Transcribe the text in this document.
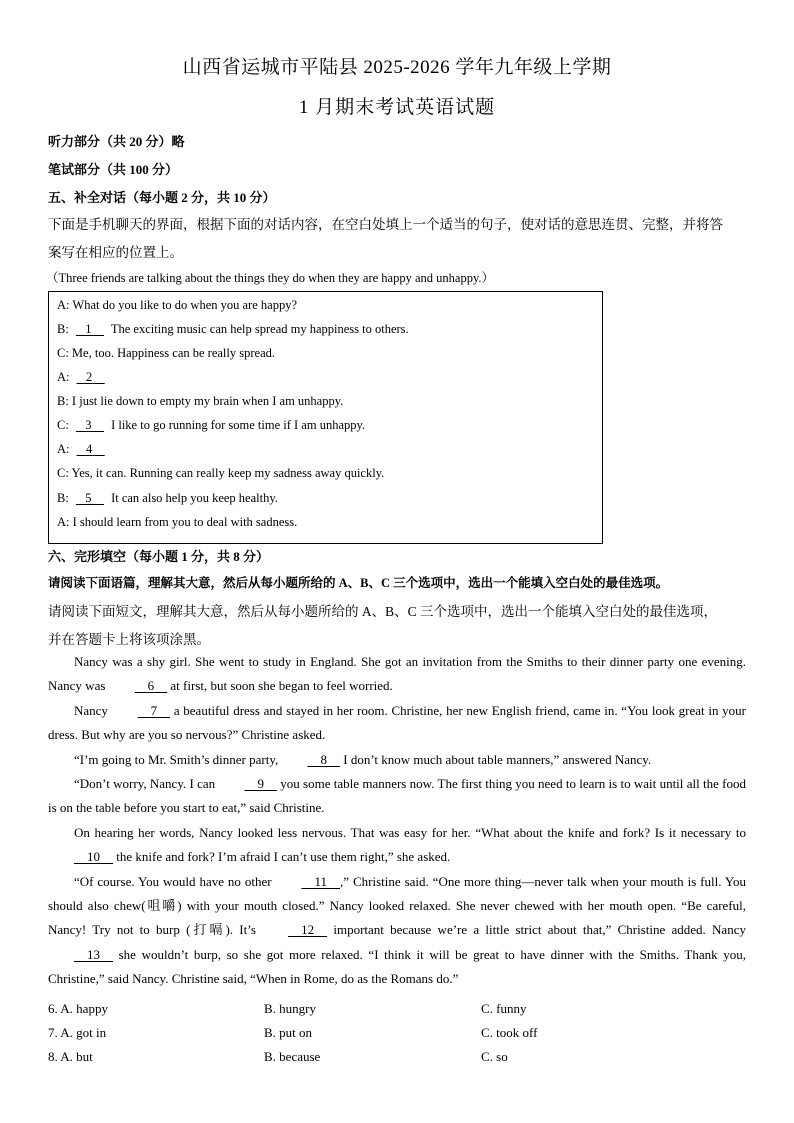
山西省运城市平陆县 2025-2026 学年九年级上学期
1 月期末考试英语试题
听力部分（共 20 分）略
笔试部分（共 100 分）
五、补全对话（每小题 2 分，共 10 分）
下面是手机聊天的界面，根据下面的对话内容，在空白处填上一个适当的句子，使对话的意思连贯、完整，并将答
案写在相应的位置上。
（Three friends are talking about the things they do when they are happy and unhappy.）
A: What do you like to do when you are happy?
B:    1     The exciting music can help spread my happiness to others.
C: Me, too. Happiness can be really spread.
A:    2
B: I just lie down to empty my brain when I am unhappy.
C:    3     I like to go running for some time if I am unhappy.
A:    4
C: Yes, it can. Running can really keep my sadness away quickly.
B:    5     It can also help you keep healthy.
A: I should learn from you to deal with sadness.
六、完形填空（每小题 1 分，共 8 分）
请阅读下面语篇，理解其大意，然后从每小题所给的 A、B、C 三个选项中，选出一个能填入空白处的最佳选项。
请阅读下面短文，理解其大意，然后从每小题所给的 A、B、C 三个选项中，选出一个能填入空白处的最佳选项，
并在答题卡上将该项涂黑。

Nancy was a shy girl. She went to study in England. She got an invitation from the Smiths to their dinner party one evening. Nancy was	6     at first, but soon she began to feel worried.

Nancy	7     a beautiful dress and stayed in her room. Christine, her new English friend, came in. “You look great in your dress. But why are you so nervous?” Christine asked.

“I’m going to Mr. Smith’s dinner party,	8     I don’t know much about table manners,” answered Nancy.

“Don’t worry, Nancy. I can	9     you some table manners now. The first thing you need to learn is to wait until all the food is on the table before you start to eat,” said Christine.

On hearing her words, Nancy looked less nervous. That was easy for her. “What about the knife and fork? Is it necessary to     10     the knife and fork? I’m afraid I can’t use them right,” she asked.

“Of course. You would have no other	11 ,” Christine said. “One more thing—never talk when your mouth is full. You should also chew(咀嚼) with your mouth closed.” Nancy looked relaxed. She never chewed with her mouth open. “Be careful, Nancy! Try not to burp (打嗝). It’s	12     important because we’re a little strict about that,” Christine added. Nancy     13     she wouldn’t burp, so she got more relaxed. “I think it will be great to have dinner with the Smiths. Thank you, Christine,” said Nancy. Christine said, “When in Rome, do as the Romans do.”

6. A. happy	B. hungry	C. funny
7. A. got in	B. put on	C. took off
8. A. but	B. because	C. so
